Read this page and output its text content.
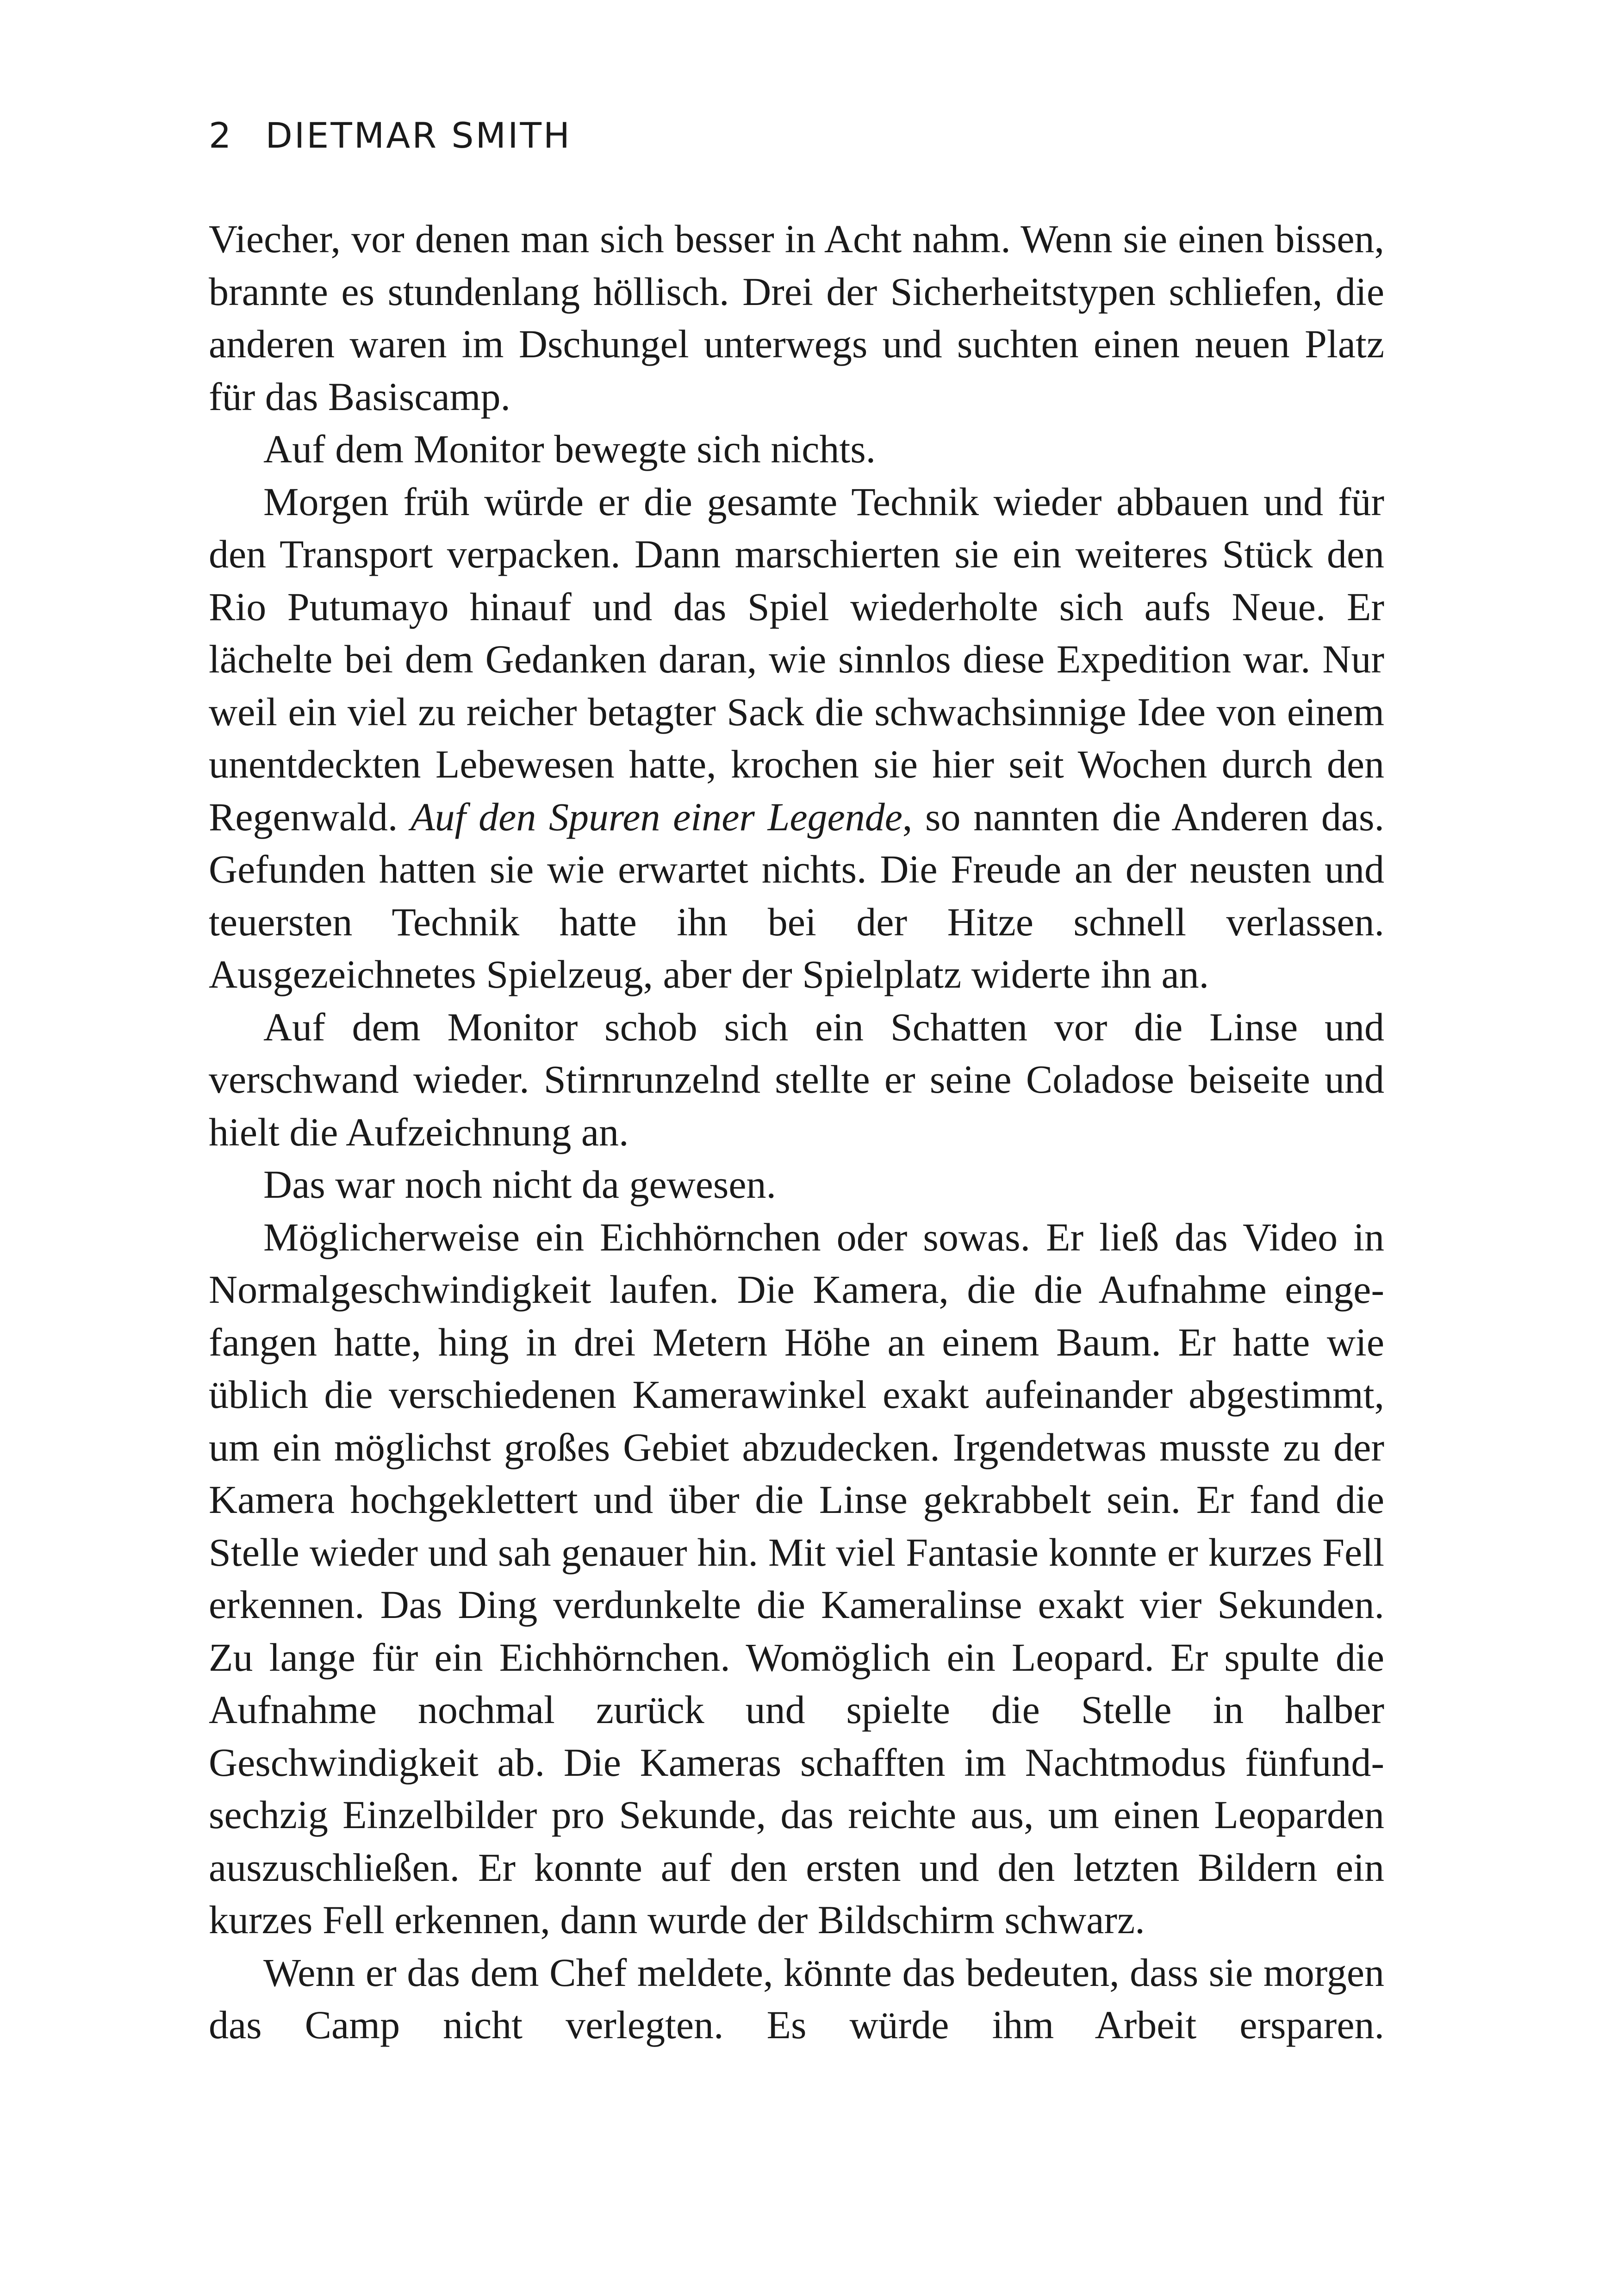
2 DIETMAR SMITH

Viecher, vor denen man sich besser in Acht nahm. Wenn sie einen bissen, brannte es stundenlang höllisch. Drei der Sicherheitstypen schliefen, die anderen waren im Dschungel unterwegs und suchten einen neuen Platz für das Basiscamp.

Auf dem Monitor bewegte sich nichts.

Morgen früh würde er die gesamte Technik wieder abbauen und für den Transport verpacken. Dann marschierten sie ein weiteres Stück den Rio Putumayo hinauf und das Spiel wiederholte sich aufs Neue. Er lächelte bei dem Gedanken daran, wie sinnlos diese Expedition war. Nur weil ein viel zu reicher betagter Sack die schwachsinnige Idee von einem unentdeckten Lebewesen hatte, krochen sie hier seit Wochen durch den Regenwald. Auf den Spuren einer Legende, so nannten die Anderen das. Gefunden hatten sie wie erwartet nichts. Die Freude an der neusten und teuersten Technik hatte ihn bei der Hitze schnell verlassen. Ausgezeichnetes Spielzeug, aber der Spielplatz widerte ihn an.

Auf dem Monitor schob sich ein Schatten vor die Linse und verschwand wieder. Stirnrunzelnd stellte er seine Coladose beiseite und hielt die Aufzeichnung an.

Das war noch nicht da gewesen.

Möglicherweise ein Eichhörnchen oder sowas. Er ließ das Video in Normalgeschwindigkeit laufen. Die Kamera, die die Aufnahme eingefangen hatte, hing in drei Metern Höhe an einem Baum. Er hatte wie üblich die verschiedenen Kamerawinkel exakt aufeinander abgestimmt, um ein möglichst großes Gebiet abzudecken. Irgendetwas musste zu der Kamera hochgeklettert und über die Linse gekrabbelt sein. Er fand die Stelle wieder und sah genauer hin. Mit viel Fantasie konnte er kurzes Fell erkennen. Das Ding verdunkelte die Kameralinse exakt vier Sekunden. Zu lange für ein Eichhörnchen. Womöglich ein Leopard. Er spulte die Aufnahme nochmal zurück und spielte die Stelle in halber Geschwindigkeit ab. Die Kameras schafften im Nachtmodus fünfundsechzig Einzelbilder pro Sekunde, das reichte aus, um einen Leoparden auszuschließen. Er konnte auf den ersten und den letzten Bildern ein kurzes Fell erkennen, dann wurde der Bildschirm schwarz.

Wenn er das dem Chef meldete, könnte das bedeuten, dass sie morgen das Camp nicht verlegten. Es würde ihm Arbeit ersparen.
